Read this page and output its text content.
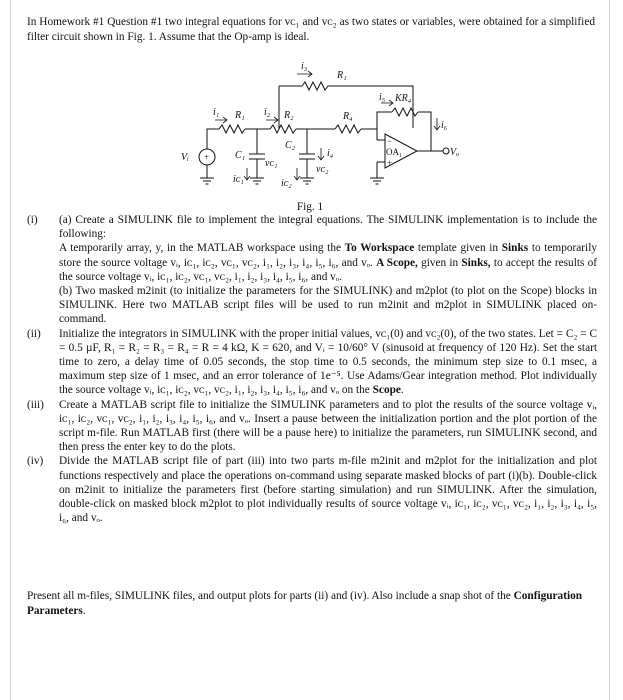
In Homework #1 Question #1 two integral equations for vᴄ₁ and vᴄ₂ as two states or variables, were obtained for a simplified filter circuit shown in Fig. 1. Assume that the Op-amp is ideal.

i₃
R₁
i₁ R₁ i₂ R₂	R₄
i₅ KR₄
i₆
Vₒ
i₄
Vᵢ	C₁
C₂
vᴄ₁
vᴄ₂
iᴄ₁	iᴄ₂
OA₁
−
+
+
Fig. 1
(i) (a) Create a SIMULINK file to implement the integral equations. The SIMULINK implementation is to include the following:
A temporarily array, y, in the MATLAB workspace using the To Workspace template given in Sinks to temporarily store the source voltage vᵢ, iᴄ₁, iᴄ₂, vᴄ₁, vᴄ₂, i₁, i₂, i₃, i₄, i₅, i₆, and vₒ. A Scope, given in Sinks, to accept the results of the source voltage vᵢ, iᴄ₁, iᴄ₂, vᴄ₁, vᴄ₂, i₁, i₂, i₃, i₄, i₅, i₆, and vₒ.
(b) Two masked m2init (to initialize the parameters for the SIMULINK) and m2plot (to plot on the Scope) blocks in SIMULINK. Here two MATLAB script files will be used to run m2init and m2plot in SIMULINK placed on-command.
(ii) Initialize the integrators in SIMULINK with the proper initial values, vᴄ₁(0) and vᴄ₂(0), of the two states. Let = C₂ = C = 0.5 µF, R₁ = R₂ = R₃ = R₄ = R = 4 kΩ, K = 620, and Vᵢ = 10/60° V (sinusoid at frequency of 120 Hz). Set the start time to zero, a delay time of 0.05 seconds, the stop time to 0.5 seconds, the minimum step size to 0.1 msec, a maximum step size of 1 msec, and an error tolerance of 1e⁻⁵. Use Adams/Gear integration method. Plot individually the source voltage vᵢ, iᴄ₁, iᴄ₂, vᴄ₁, vᴄ₂, i₁, i₂, i₃, i₄, i₅, i₆, and vₒ on the Scope.
(iii) Create a MATLAB script file to initialize the SIMULINK parameters and to plot the results of the source voltage vᵢ, iᴄ₁, iᴄ₂, vᴄ₁, vᴄ₂, i₁, i₂, i₃, i₄, i₅, i₆, and vₒ. Insert a pause between the initialization portion and the plot portion of the script m-file. Run MATLAB first (there will be a pause here) to initialize the parameters, run SIMULINK second, and then press the enter key to do the plots.
(iv) Divide the MATLAB script file of part (iii) into two parts m-file m2init and m2plot for the initialization and plot functions respectively and place the operations on-command using separate masked blocks of part (i)(b). Double-click on m2init to initialize the parameters first (before starting simulation) and run SIMULINK. After the simulation, double-click on masked block m2plot to plot individually results of source voltage vᵢ, iᴄ₁, iᴄ₂, vᴄ₁, vᴄ₂, i₁, i₂, i₃, i₄, i₅, i₆, and vₒ.

Present all m-files, SIMULINK files, and output plots for parts (ii) and (iv). Also include a snap shot of the Configuration Parameters.
